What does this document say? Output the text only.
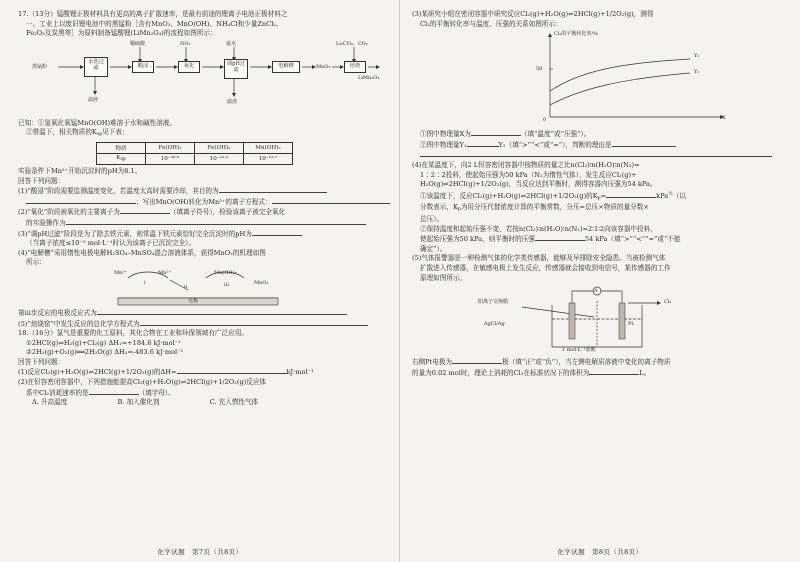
17.（13分）锰酸锂正极材料具有更高的离子扩散速率，是最有前途的锂离子电池正极材料之

一。工业上以废旧锂电池中的黑锰粉［含有MnO₂、MnO(OH)、NH₄Cl和少量ZnCl₂、

Fe₂O₃及炭黑等］为原料制备锰酸锂(LiMn₂O₄)的流程如图所示：

黑锰粉
水洗过滤	酸浸	氧化	调pH过滤
电解槽	MnO₂	焙烧
LiMn₂O₄
稀硫酸	NO₂	氨水	Li₂CO₃、CO₂
滤液	滤渣

已知：①氢氧化氧锰MnO(OH)难溶于水和碱性溶液。

②常温下，相关物质的$K_{sp}$见下表：

物质	Fe(OH)₃	Fe(OH)₂	Mn(OH)₂
$K_{sp}$	10⁻³⁸·⁶	10⁻¹⁶·³	10⁻¹²·⁷

实验条件下Mn²⁺开始沉淀时的pH为8.1。

回答下列问题：

(1)“酸浸”阶段需要监测温度变化，若温度太高时需要冷却，其目的为

；写出MnO(OH)转化为Mn²⁺的离子方程式：

(2)“氧化”阶段被氧化的主要离子为	（填离子符号），检验该离子被完全氧化

的实验操作为

(3)“调pH过滤”阶段是为了除去铁元素，则常温下铁元素恰好完全沉淀时的pH为

（当离子浓度≤10⁻⁵ mol·L⁻¹时认为该离子已沉淀完全）。

(4)“电解槽”采用惰性电极电解H₂SO₄–MnSO₄混合溶液体系，获得MnO₂的机理如图

所示：

Mn³⁺	Mn²⁺	Mn(OH)₂
MnO₂
i
ii	iii
电极

第iii步反应的电极反应式为

(5)“焙烧窑”中发生反应的总化学方程式为

18.（16分）氯气是重要的化工原料，其化合物在工业和环保领域有广泛应用。

①2HCl(g)⇌H₂(g)+Cl₂(g) ΔH₁=+184.6 kJ·mol⁻¹

②2H₂(g)+O₂(g)══2H₂O(g) ΔH₂=-483.6 kJ·mol⁻¹

回答下列问题：

(1)反应Cl₂(g)+H₂O(g)⇌2HCl(g)+1/2O₂(g)的ΔH=	kJ·mol⁻¹

(2)在恒容密闭容器中，下列措施能提高Cl₂(g)+H₂O(g)⇌2HCl(g)+1/2O₂(g)反应体

系中Cl₂消耗速率的是	（填字母）。

A. 升高温度	B. 加入催化剂	C. 充入惰性气体

化学试题　第7页（共8页）

(3)某研究小组在密闭容器中研究反应Cl₂(g)+H₂O(g)⇌2HCl(g)+1/2O₂(g)，测得

Cl₂的平衡转化率与温度、压强的关系如图所示：

Cl₂的平衡转化率/%
50
0	X
Y₁
Y₂

①图中物理量X为	（填“温度”或“压强”）。

②图中物理量Y₁	Y₂（填“>”“<”或“=”），判断的理由是

(4)在某温度下，向2 L恒容密闭容器中按物质的量之比n(Cl₂)∶n(H₂O)∶n(N₂)=

1∶2∶2投料，使起始压强为50 kPa（N₂为惰性气体），发生反应Cl₂(g)+

H₂O(g)⇌2HCl(g)+1/2O₂(g)，当反应达到平衡时，测得容器内压强为54 kPa。

①该温度下，反应Cl₂(g)+H₂O(g)⇌2HCl(g)+1/2O₂(g)的$K_p=$	kPa$^{\frac{1}{2}}$（以

分数表示，$K_p$为用分压代替浓度计算的平衡常数，分压=总压×物质的量分数×

总压）。

②保持温度和起始压强不变，若按n(Cl₂)∶n(H₂O)∶n(N₂)=2∶1∶2向该容器中投料，

使起始压强为50 kPa，则平衡时的压强	54 kPa（填“>”“<”“=”或“不能

确定”）。

(5)气体报警器是一种检测气体的化学类传感器，能够及早排除安全隐患。当被检测气体

扩散进入传感器，在敏感电极上发生反应，传感器就会接收到电信号，某传感器的工作

原理如图所示。

A
阳离子交换膜
AgCl/Ag	Pt
Cl₂
1 mol·L⁻¹盐酸

右侧Pt电极为	极（填“正”或“负”），当左侧电解质溶液中变化的离子物质

的量为0.02 mol时，理论上消耗的Cl₂在标准状况下的体积为	L。

化学试题　第8页（共8页）
